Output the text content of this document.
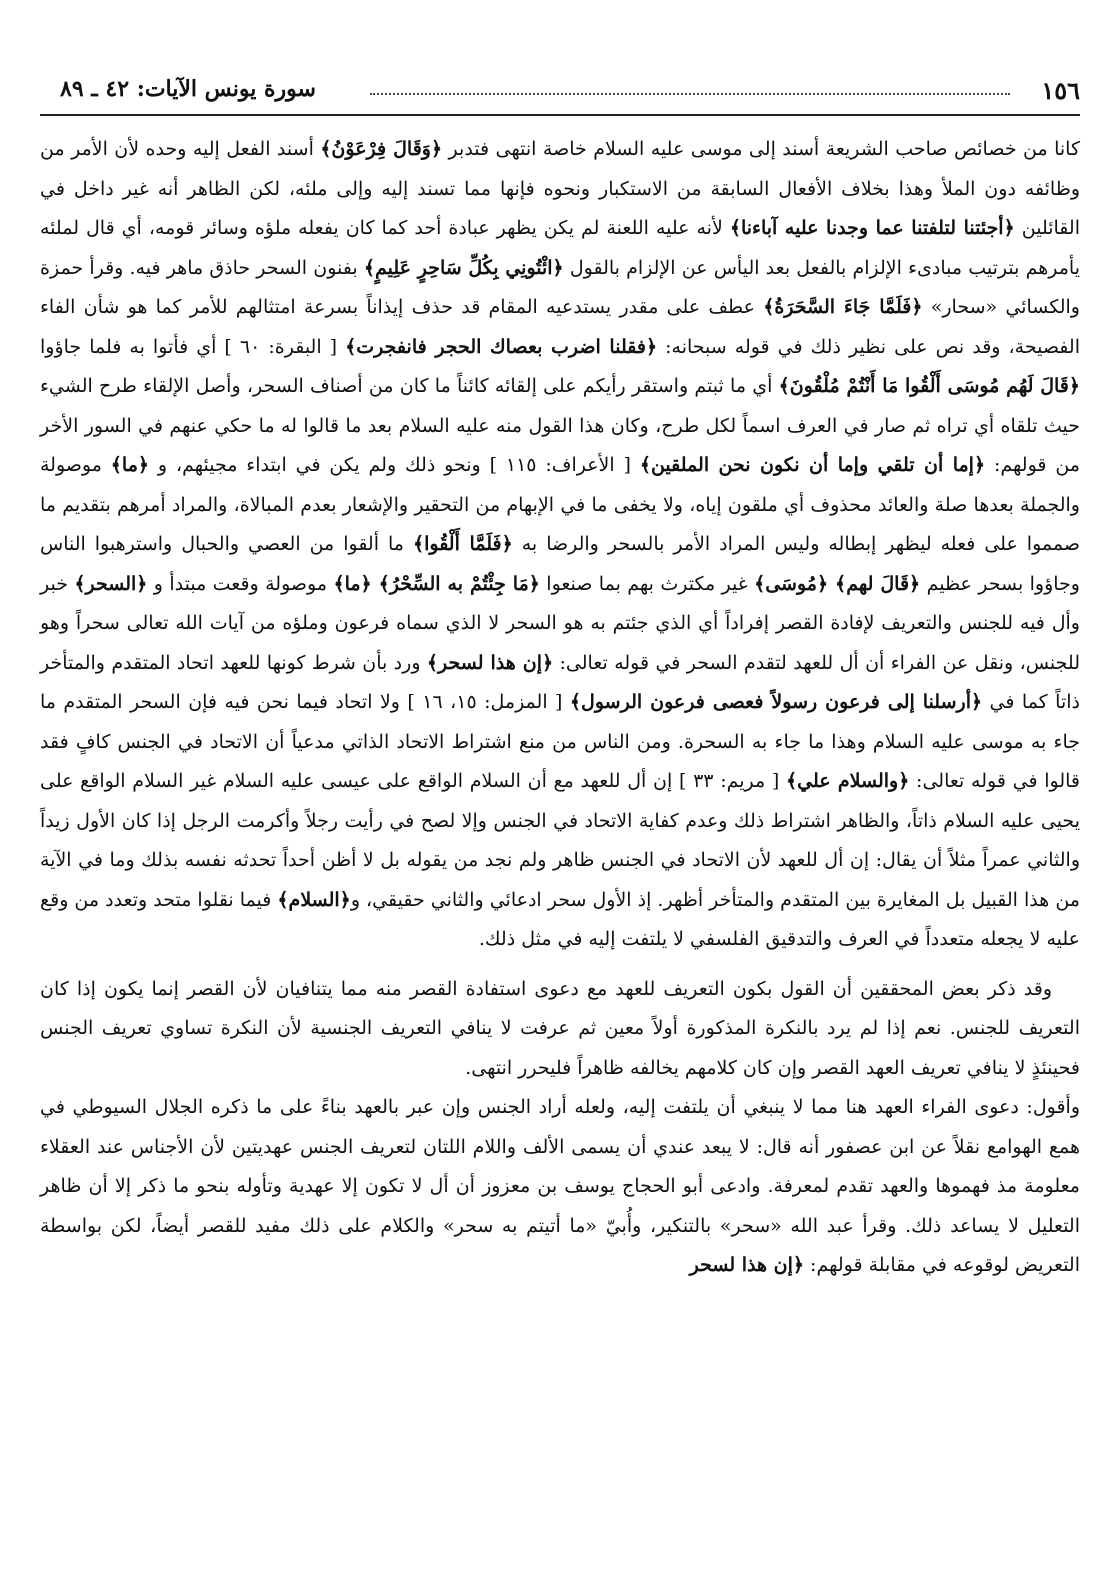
١٥٦
سورة يونس الآيات: ٤٢ ـ ٨٩

كانا من خصائص صاحب الشريعة أسند إلى موسى عليه السلام خاصة انتهى فتدبر ﴿وَقَالَ فِرْعَوْنُ﴾ أسند الفعل إليه وحده لأن الأمر من وظائفه دون الملأ وهذا بخلاف الأفعال السابقة من الاستكبار ونحوه فإنها مما تسند إليه وإلى ملئه، لكن الظاهر أنه غير داخل في القائلين ﴿أجئتنا لتلفتنا عما وجدنا عليه آباءنا﴾ لأنه عليه اللعنة لم يكن يظهر عبادة أحد كما كان يفعله ملؤه وسائر قومه، أي قال لملئه يأمرهم بترتيب مبادىء الإلزام بالفعل بعد اليأس عن الإلزام بالقول ﴿ائْتُونِي بِكُلِّ سَاحِرٍ عَلِيمٍ﴾ بفنون السحر حاذق ماهر فيه. وقرأ حمزة والكسائي «سحار» ﴿فَلَمَّا جَاءَ السَّحَرَةُ﴾ عطف على مقدر يستدعيه المقام قد حذف إيذاناً بسرعة امتثالهم للأمر كما هو شأن الفاء الفصيحة، وقد نص على نظير ذلك في قوله سبحانه: ﴿فقلنا اضرب بعصاك الحجر فانفجرت﴾ [ البقرة: ٦٠ ] أي فأتوا به فلما جاؤوا ﴿قَالَ لَهُم مُوسَى أَلْقُوا مَا أَنْتُمْ مُلْقُونَ﴾ أي ما ثبتم واستقر رأيكم على إلقائه كائناً ما كان من أصناف السحر، وأصل الإلقاء طرح الشيء حيث تلقاه أي تراه ثم صار في العرف اسماً لكل طرح، وكان هذا القول منه عليه السلام بعد ما قالوا له ما حكي عنهم في السور الأخر من قولهم: ﴿إما أن تلقي وإما أن نكون نحن الملقين﴾ [ الأعراف: ١١٥ ] ونحو ذلك ولم يكن في ابتداء مجيئهم، و ﴿ما﴾ موصولة والجملة بعدها صلة والعائد محذوف أي ملقون إياه، ولا يخفى ما في الإبهام من التحقير والإشعار بعدم المبالاة، والمراد أمرهم بتقديم ما صمموا على فعله ليظهر إبطاله وليس المراد الأمر بالسحر والرضا به ﴿فَلَمَّا أَلْقُوا﴾ ما ألقوا من العصي والحبال واسترهبوا الناس وجاؤوا بسحر عظيم ﴿قَالَ لهم﴾ ﴿مُوسَى﴾ غير مكترث بهم بما صنعوا ﴿مَا جِئْتُمْ به السِّحْرُ﴾ ﴿ما﴾ موصولة وقعت مبتدأ و ﴿السحر﴾ خبر وأل فيه للجنس والتعريف لإفادة القصر إفراداً أي الذي جئتم به هو السحر لا الذي سماه فرعون وملؤه من آيات الله تعالى سحراً وهو للجنس، ونقل عن الفراء أن أل للعهد لتقدم السحر في قوله تعالى: ﴿إن هذا لسحر﴾ ورد بأن شرط كونها للعهد اتحاد المتقدم والمتأخر ذاتاً كما في ﴿أرسلنا إلى فرعون رسولاً فعصى فرعون الرسول﴾ [ المزمل: ١٥، ١٦ ] ولا اتحاد فيما نحن فيه فإن السحر المتقدم ما جاء به موسى عليه السلام وهذا ما جاء به السحرة. ومن الناس من منع اشتراط الاتحاد الذاتي مدعياً أن الاتحاد في الجنس كافٍ فقد قالوا في قوله تعالى: ﴿والسلام علي﴾ [ مريم: ٣٣ ] إن أل للعهد مع أن السلام الواقع على عيسى عليه السلام غير السلام الواقع على يحيى عليه السلام ذاتاً، والظاهر اشتراط ذلك وعدم كفاية الاتحاد في الجنس وإلا لصح في رأيت رجلاً وأكرمت الرجل إذا كان الأول زيداً والثاني عمراً مثلاً أن يقال: إن أل للعهد لأن الاتحاد في الجنس ظاهر ولم نجد من يقوله بل لا أظن أحداً تحدثه نفسه بذلك وما في الآية من هذا القبيل بل المغايرة بين المتقدم والمتأخر أظهر. إذ الأول سحر ادعائي والثاني حقيقي، و﴿السلام﴾ فيما نقلوا متحد وتعدد من وقع عليه لا يجعله متعدداً في العرف والتدقيق الفلسفي لا يلتفت إليه في مثل ذلك.

وقد ذكر بعض المحققين أن القول بكون التعريف للعهد مع دعوى استفادة القصر منه مما يتنافيان لأن القصر إنما يكون إذا كان التعريف للجنس. نعم إذا لم يرد بالنكرة المذكورة أولاً معين ثم عرفت لا ينافي التعريف الجنسية لأن النكرة تساوي تعريف الجنس فحينئذٍ لا ينافي تعريف العهد القصر وإن كان كلامهم يخالفه ظاهراً فليحرر انتهى.

وأقول: دعوى الفراء العهد هنا مما لا ينبغي أن يلتفت إليه، ولعله أراد الجنس وإن عبر بالعهد بناءً على ما ذكره الجلال السيوطي في همع الهوامع نقلاً عن ابن عصفور أنه قال: لا يبعد عندي أن يسمى الألف واللام اللتان لتعريف الجنس عهديتين لأن الأجناس عند العقلاء معلومة مذ فهموها والعهد تقدم لمعرفة. وادعى أبو الحجاج يوسف بن معزوز أن أل لا تكون إلا عهدية وتأوله بنحو ما ذكر إلا أن ظاهر التعليل لا يساعد ذلك. وقرأ عبد الله «سحر» بالتنكير، وأُبيّ «ما أتيتم به سحر» والكلام على ذلك مفيد للقصر أيضاً، لكن بواسطة التعريض لوقوعه في مقابلة قولهم: ﴿إن هذا لسحر
